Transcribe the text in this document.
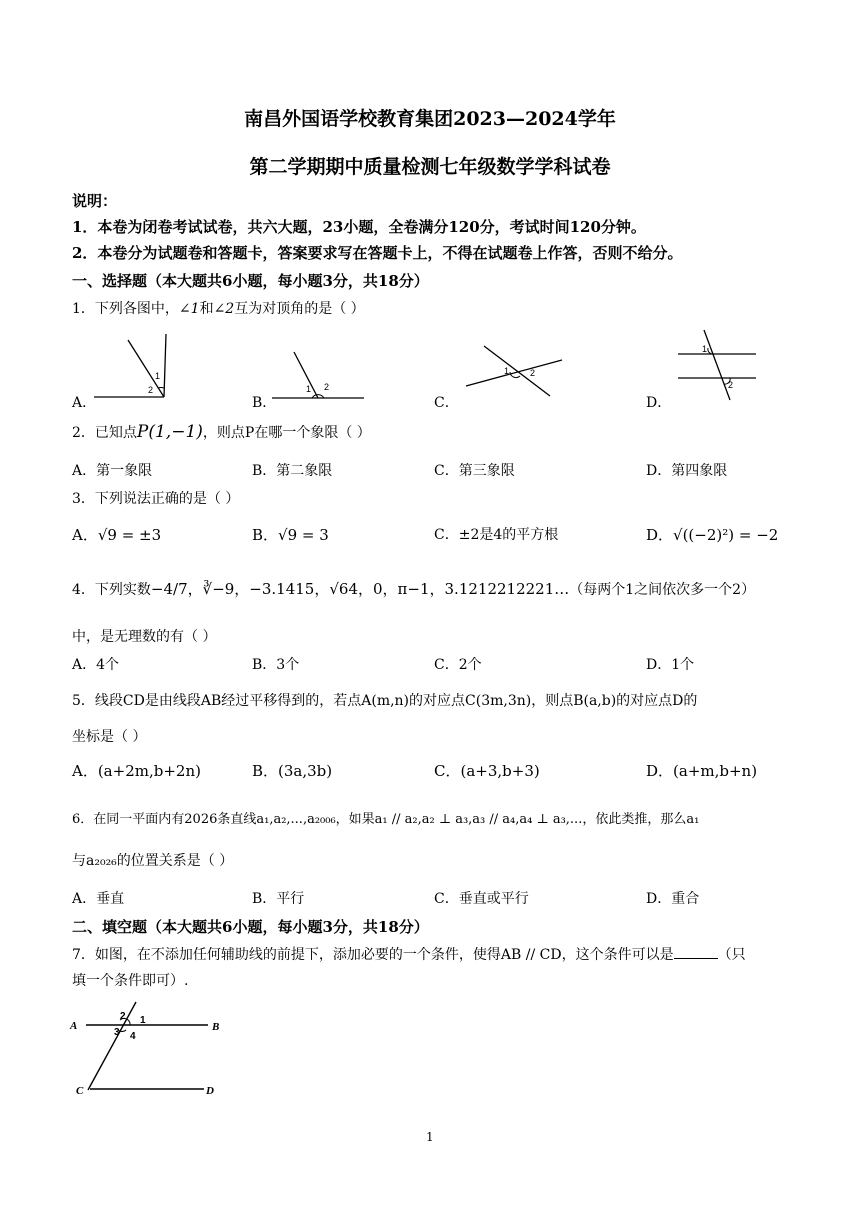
南昌外国语学校教育集团2023—2024学年
第二学期期中质量检测七年级数学学科试卷
说明：
1．本卷为闭卷考试试卷，共六大题，23小题，全卷满分120分，考试时间120分钟。
2．本卷分为试题卷和答题卡，答案要求写在答题卡上，不得在试题卷上作答，否则不给分。
一、选择题（本大题共6小题，每小题3分，共18分）
1．下列各图中，∠1和∠2互为对顶角的是（ ）
A．	B．	C．	D．
1
2	1 2
1 2
1
2
2．已知点P(1,−1)，则点P在哪一个象限（ ）
A．第一象限	B．第二象限	C．第三象限	D．第四象限
3．下列说法正确的是（ ）
A．√9 = ±3	B．√9 = 3	C．±2是4的平方根	D．√((−2)²) = −2
4．下列实数−4/7，∛−9，−3.1415，√64，0，π−1，3.1212212221…（每两个1之间依次多一个2）
中，是无理数的有（ ）
A．4个	B．3个	C．2个	D．1个
5．线段CD是由线段AB经过平移得到的，若点A(m,n)的对应点C(3m,3n)，则点B(a,b)的对应点D的
坐标是（ ）
A．(a+2m,b+2n)	B．(3a,3b)	C．(a+3,b+3)	D．(a+m,b+n)
6．在同一平面内有2026条直线a₁,a₂,...,a₂₀₀₆，如果a₁ // a₂,a₂ ⊥ a₃,a₃ // a₄,a₄ ⊥ a₃,...，依此类推，那么a₁
与a₂₀₂₆的位置关系是（ ）
A．垂直	B．平行	C．垂直或平行	D．重合
二、填空题（本大题共6小题，每小题3分，共18分）
7．如图，在不添加任何辅助线的前提下，添加必要的一个条件，使得AB // CD，这个条件可以是	（只
填一个条件即可）.
A	B
C	D
2 1
3 4
1
